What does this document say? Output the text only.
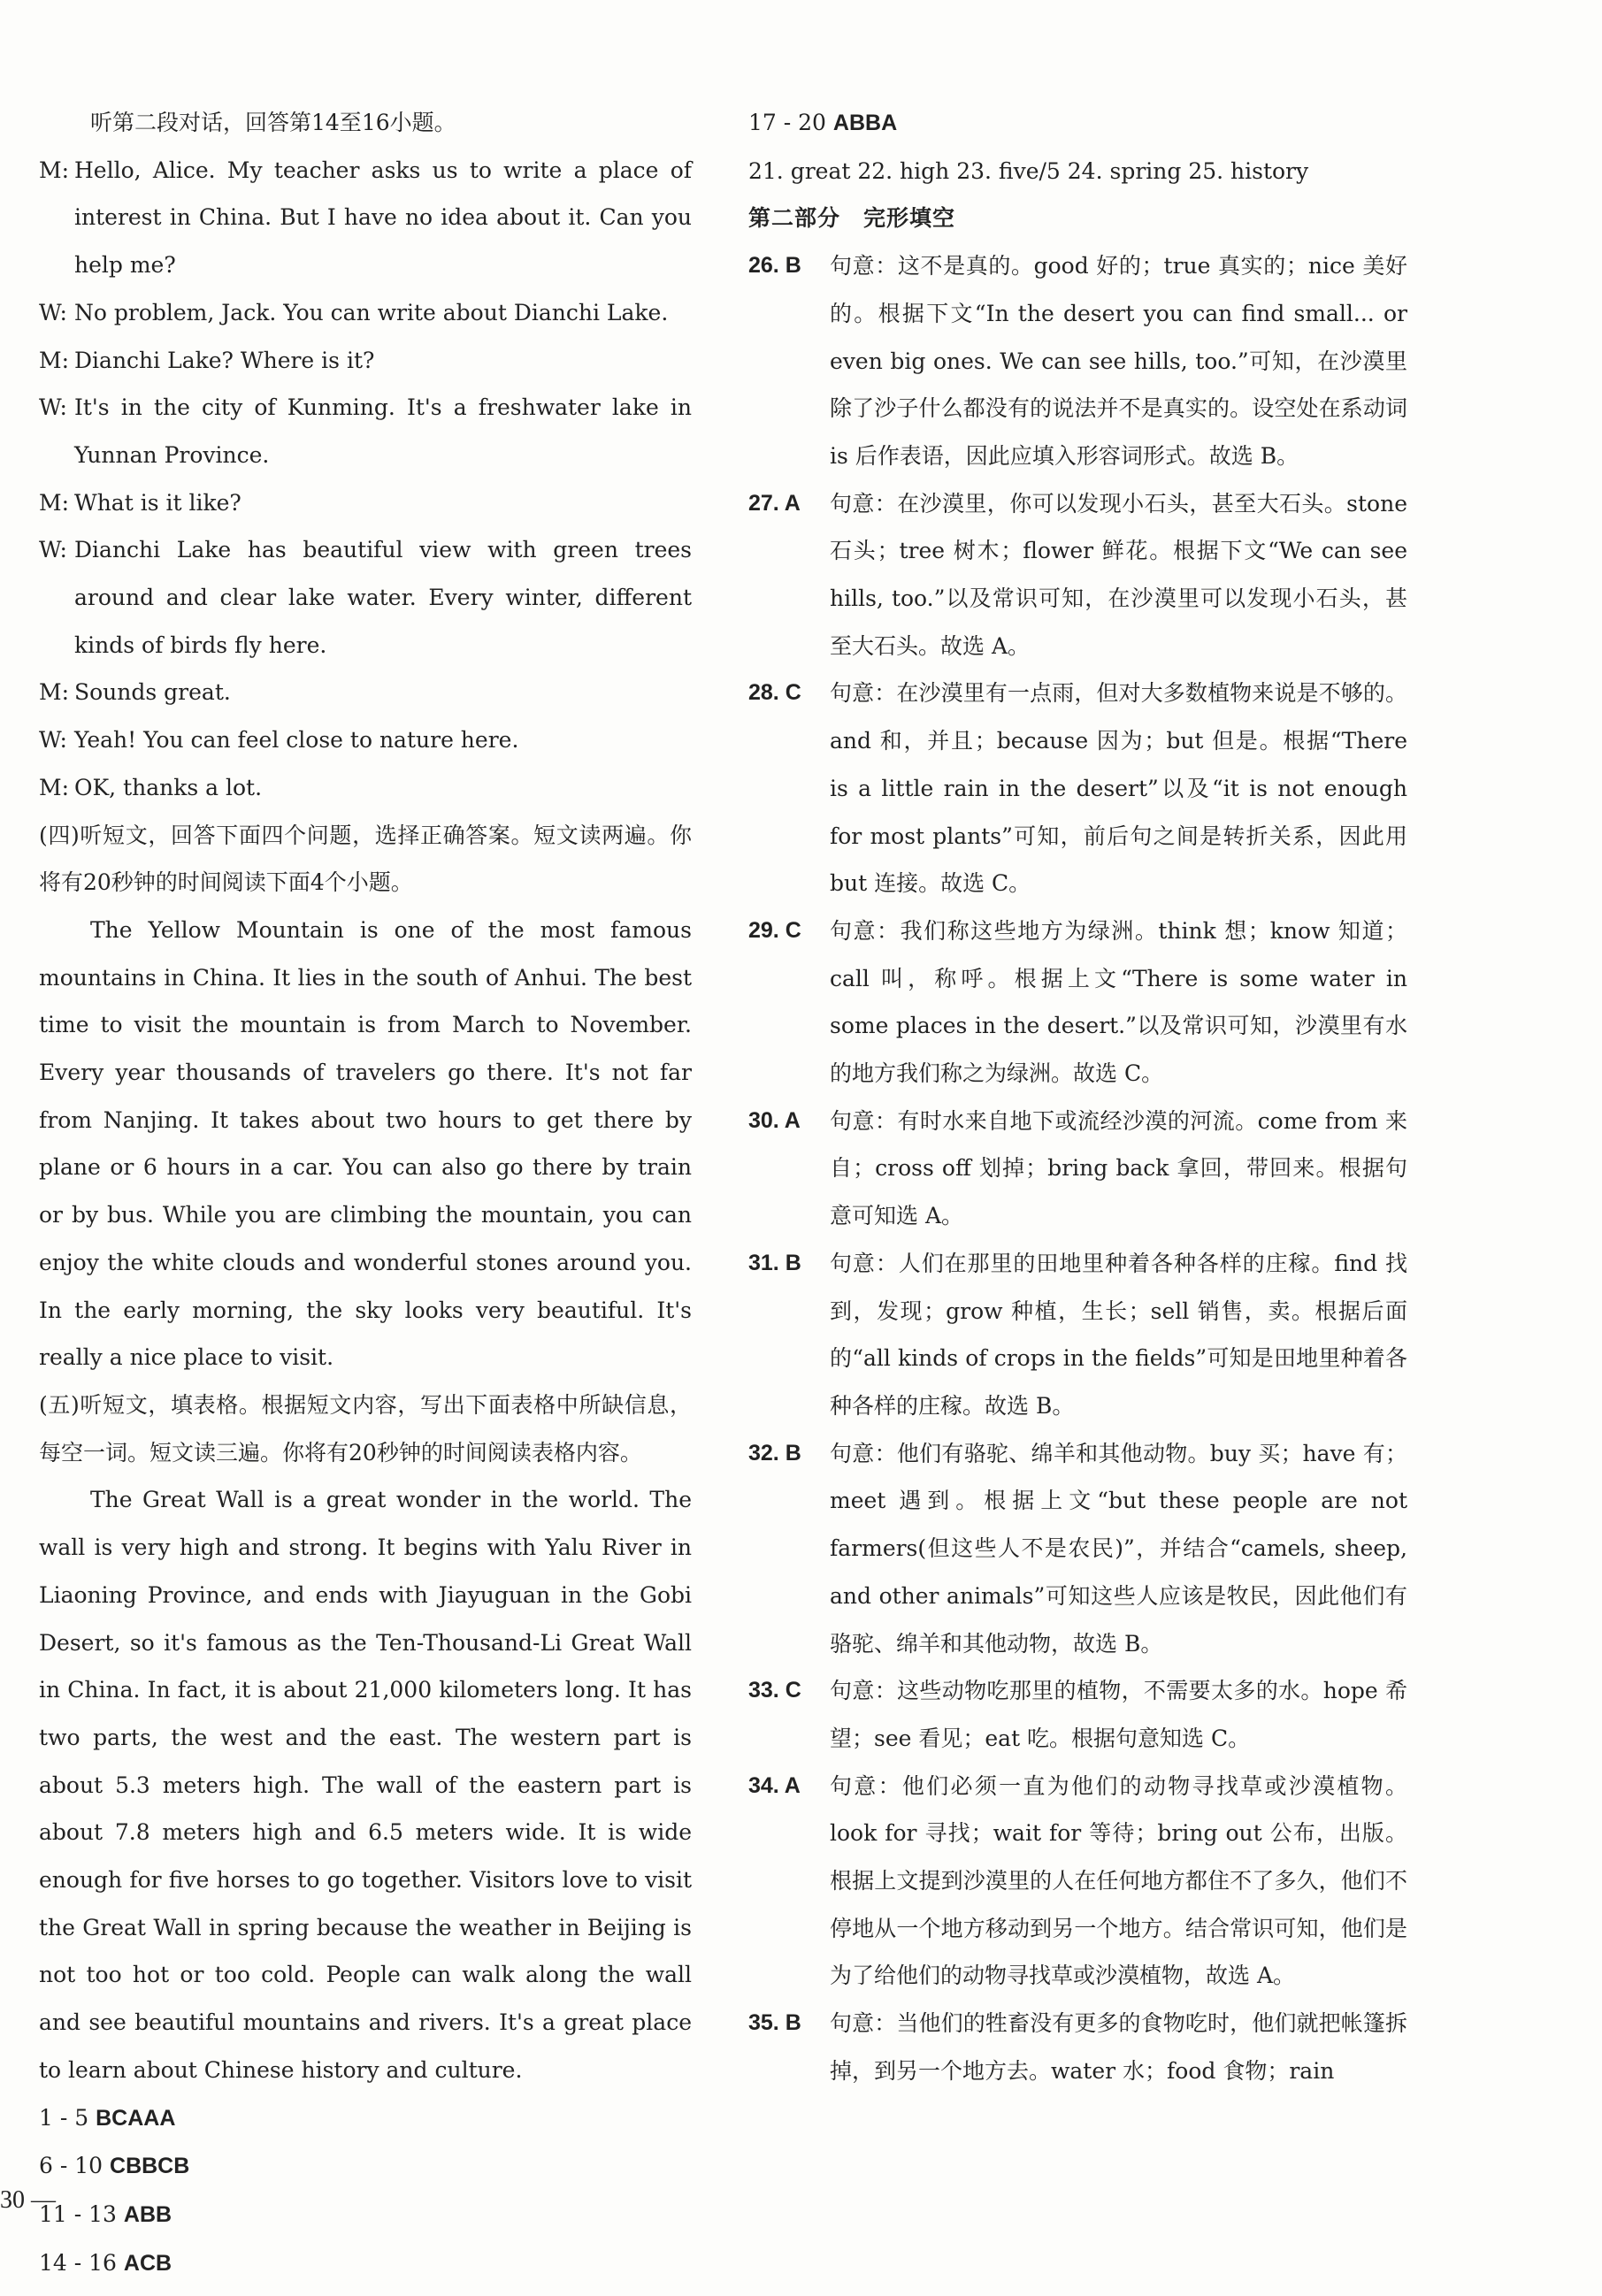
听第二段对话，回答第14至16小题。

M: Hello, Alice. My teacher asks us to write a place of interest in China. But I have no idea about it. Can you help me?
W: No problem, Jack. You can write about Dianchi Lake.
M: Dianchi Lake? Where is it?
W: It's in the city of Kunming. It's a freshwater lake in Yunnan Province.
M: What is it like?
W: Dianchi Lake has beautiful view with green trees around and clear lake water. Every winter, different kinds of birds fly here.
M: Sounds great.
W: Yeah! You can feel close to nature here.
M: OK, thanks a lot.

(四)听短文，回答下面四个问题，选择正确答案。短文读两遍。你将有20秒钟的时间阅读下面4个小题。

The Yellow Mountain is one of the most famous mountains in China. It lies in the south of Anhui. The best time to visit the mountain is from March to November. Every year thousands of travelers go there. It's not far from Nanjing. It takes about two hours to get there by plane or 6 hours in a car. You can also go there by train or by bus. While you are climbing the mountain, you can enjoy the white clouds and wonderful stones around you. In the early morning, the sky looks very beautiful. It's really a nice place to visit.

(五)听短文，填表格。根据短文内容，写出下面表格中所缺信息，每空一词。短文读三遍。你将有20秒钟的时间阅读表格内容。

The Great Wall is a great wonder in the world. The wall is very high and strong. It begins with Yalu River in Liaoning Province, and ends with Jiayuguan in the Gobi Desert, so it's famous as the Ten-Thousand-Li Great Wall in China. In fact, it is about 21,000 kilometers long. It has two parts, the west and the east. The western part is about 5.3 meters high. The wall of the eastern part is about 7.8 meters high and 6.5 meters wide. It is wide enough for five horses to go together. Visitors love to visit the Great Wall in spring because the weather in Beijing is not too hot or too cold. People can walk along the wall and see beautiful mountains and rivers. It's a great place to learn about Chinese history and culture.

1 - 5 BCAAA

6 - 10 CBBCB

11 - 13 ABB

14 - 16 ACB

17 - 20 ABBA

21. great 22. high 23. five/5 24. spring 25. history

第二部分　完形填空

26. B	句意：这不是真的。good 好的；true 真实的；nice 美好的。根据下文“In the desert you can find small... or even big ones. We can see hills, too.”可知，在沙漠里除了沙子什么都没有的说法并不是真实的。设空处在系动词 is 后作表语，因此应填入形容词形式。故选 B。
27. A	句意：在沙漠里，你可以发现小石头，甚至大石头。stone 石头；tree 树木；flower 鲜花。根据下文“We can see hills, too.”以及常识可知，在沙漠里可以发现小石头，甚至大石头。故选 A。
28. C	句意：在沙漠里有一点雨，但对大多数植物来说是不够的。and 和，并且；because 因为；but 但是。根据“There is a little rain in the desert”以及“it is not enough for most plants”可知，前后句之间是转折关系，因此用 but 连接。故选 C。
29. C	句意：我们称这些地方为绿洲。think 想；know 知道；call 叫，称呼。根据上文“There is some water in some places in the desert.”以及常识可知，沙漠里有水的地方我们称之为绿洲。故选 C。
30. A	句意：有时水来自地下或流经沙漠的河流。come from 来自；cross off 划掉；bring back 拿回，带回来。根据句意可知选 A。
31. B	句意：人们在那里的田地里种着各种各样的庄稼。find 找到，发现；grow 种植，生长；sell 销售，卖。根据后面的“all kinds of crops in the fields”可知是田地里种着各种各样的庄稼。故选 B。
32. B	句意：他们有骆驼、绵羊和其他动物。buy 买；have 有；meet 遇到。根据上文“but these people are not farmers(但这些人不是农民)”，并结合“camels, sheep, and other animals”可知这些人应该是牧民，因此他们有骆驼、绵羊和其他动物，故选 B。
33. C	句意：这些动物吃那里的植物，不需要太多的水。hope 希望；see 看见；eat 吃。根据句意知选 C。
34. A	句意：他们必须一直为他们的动物寻找草或沙漠植物。look for 寻找；wait for 等待；bring out 公布，出版。根据上文提到沙漠里的人在任何地方都住不了多久，他们不停地从一个地方移动到另一个地方。结合常识可知，他们是为了给他们的动物寻找草或沙漠植物，故选 A。
35. B	句意：当他们的牲畜没有更多的食物吃时，他们就把帐篷拆掉，到另一个地方去。water 水；food 食物；rain
30 —
